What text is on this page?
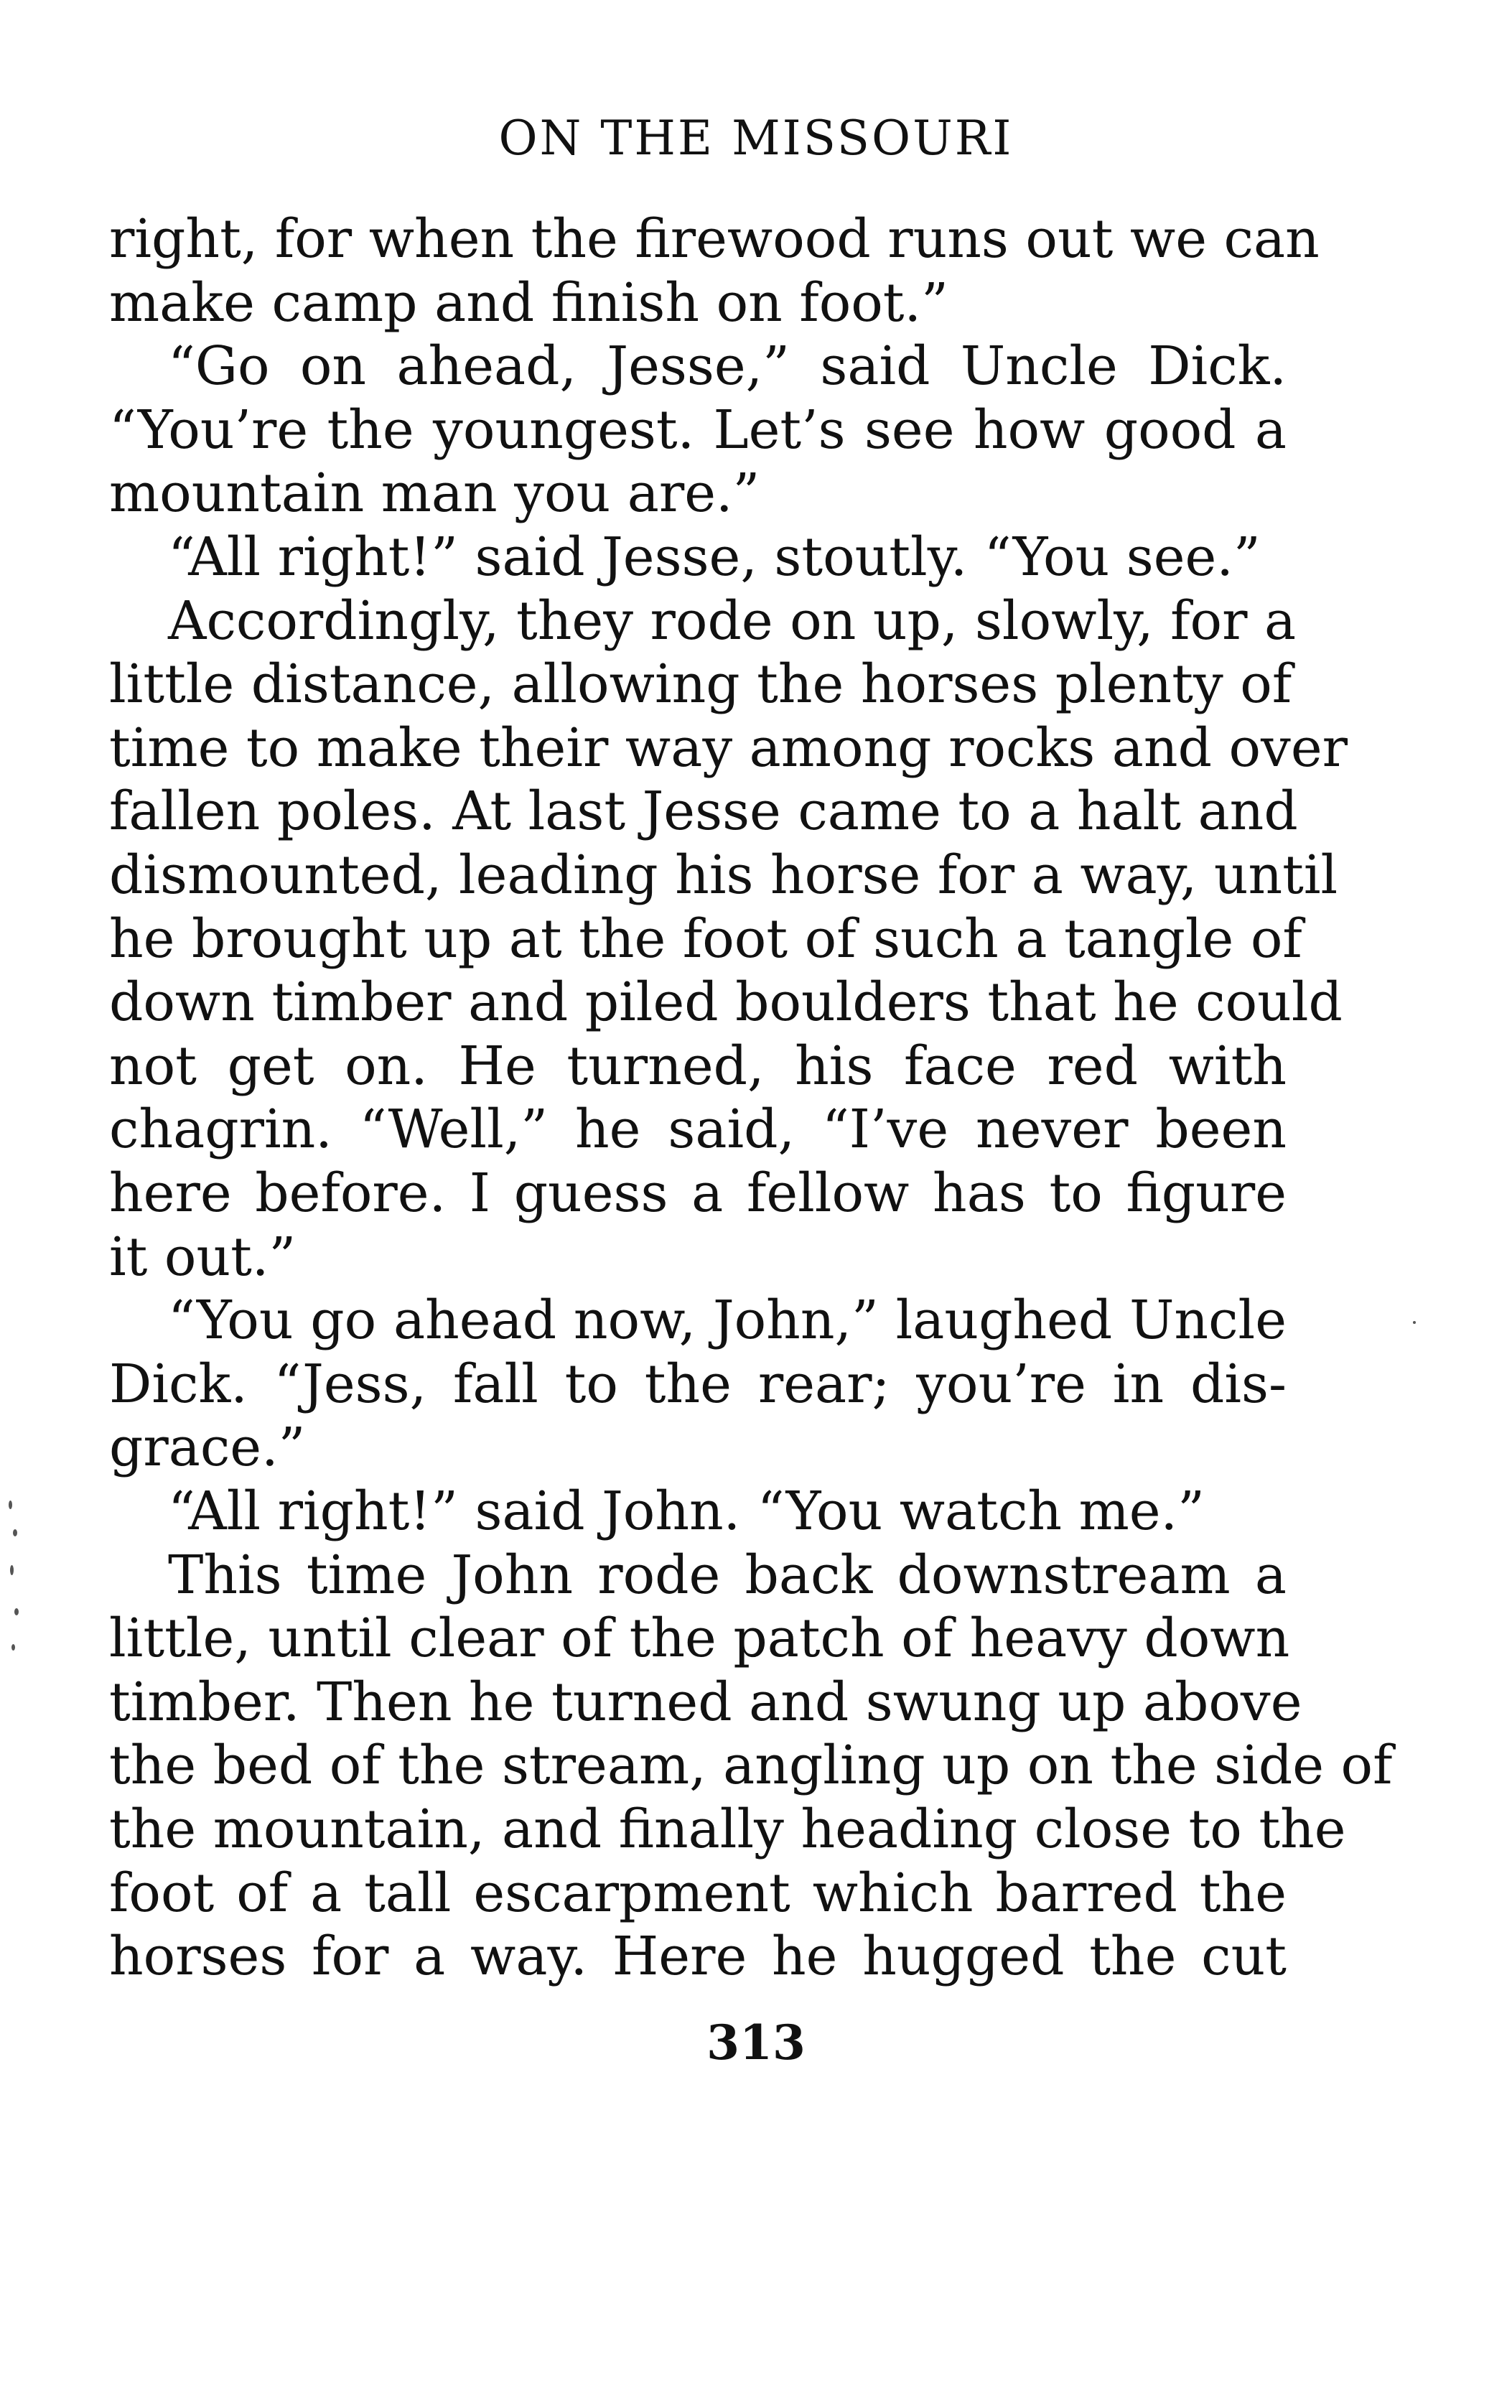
ON THE MISSOURI
right, for when the firewood runs out we can
make camp and finish on foot.”
“Go on ahead, Jesse,” said Uncle Dick.
“You’re the youngest. Let’s see how good a
mountain man you are.”
“All right!” said Jesse, stoutly. “You see.”
Accordingly, they rode on up, slowly, for a
little distance, allowing the horses plenty of
time to make their way among rocks and over
fallen poles. At last Jesse came to a halt and
dismounted, leading his horse for a way, until
he brought up at the foot of such a tangle of
down timber and piled boulders that he could
not get on. He turned, his face red with
chagrin. “Well,” he said, “I’ve never been
here before. I guess a fellow has to figure
it out.”
“You go ahead now, John,” laughed Uncle
Dick. “Jess, fall to the rear; you’re in dis-
grace.”
“All right!” said John. “You watch me.”
This time John rode back downstream a
little, until clear of the patch of heavy down
timber. Then he turned and swung up above
the bed of the stream, angling up on the side of
the mountain, and finally heading close to the
foot of a tall escarpment which barred the
horses for a way. Here he hugged the cut
313
